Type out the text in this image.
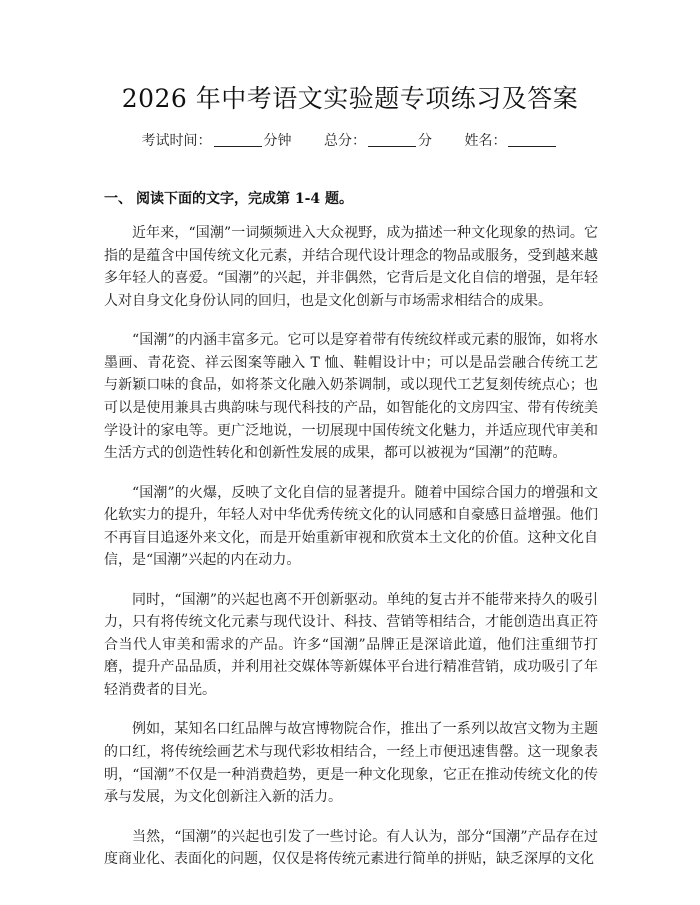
2026 年中考语文实验题专项练习及答案
考试时间：	分钟 总分：	分 姓名：
一、 阅读下面的文字，完成第 1-4 题。

近年来，“国潮”一词频频进入大众视野，成为描述一种文化现象的热词。它指的是蕴含中国传统文化元素，并结合现代设计理念的物品或服务，受到越来越多年轻人的喜爱。“国潮”的兴起，并非偶然，它背后是文化自信的增强，是年轻人对自身文化身份认同的回归，也是文化创新与市场需求相结合的成果。

“国潮”的内涵丰富多元。它可以是穿着带有传统纹样或元素的服饰，如将水墨画、青花瓷、祥云图案等融入 T 恤、鞋帽设计中；可以是品尝融合传统工艺与新颖口味的食品，如将茶文化融入奶茶调制，或以现代工艺复刻传统点心；也可以是使用兼具古典韵味与现代科技的产品，如智能化的文房四宝、带有传统美学设计的家电等。更广泛地说，一切展现中国传统文化魅力，并适应现代审美和生活方式的创造性转化和创新性发展的成果，都可以被视为“国潮”的范畴。

“国潮”的火爆，反映了文化自信的显著提升。随着中国综合国力的增强和文化软实力的提升，年轻人对中华优秀传统文化的认同感和自豪感日益增强。他们不再盲目追逐外来文化，而是开始重新审视和欣赏本土文化的价值。这种文化自信，是“国潮”兴起的内在动力。

同时，“国潮”的兴起也离不开创新驱动。单纯的复古并不能带来持久的吸引力，只有将传统文化元素与现代设计、科技、营销等相结合，才能创造出真正符合当代人审美和需求的产品。许多“国潮”品牌正是深谙此道，他们注重细节打磨，提升产品品质，并利用社交媒体等新媒体平台进行精准营销，成功吸引了年轻消费者的目光。

例如，某知名口红品牌与故宫博物院合作，推出了一系列以故宫文物为主题的口红，将传统绘画艺术与现代彩妆相结合，一经上市便迅速售罄。这一现象表明，“国潮”不仅是一种消费趋势，更是一种文化现象，它正在推动传统文化的传承与发展，为文化创新注入新的活力。

当然，“国潮”的兴起也引发了一些讨论。有人认为，部分“国潮”产品存在过度商业化、表面化的问题，仅仅是将传统元素进行简单的拼贴，缺乏深厚的文化
